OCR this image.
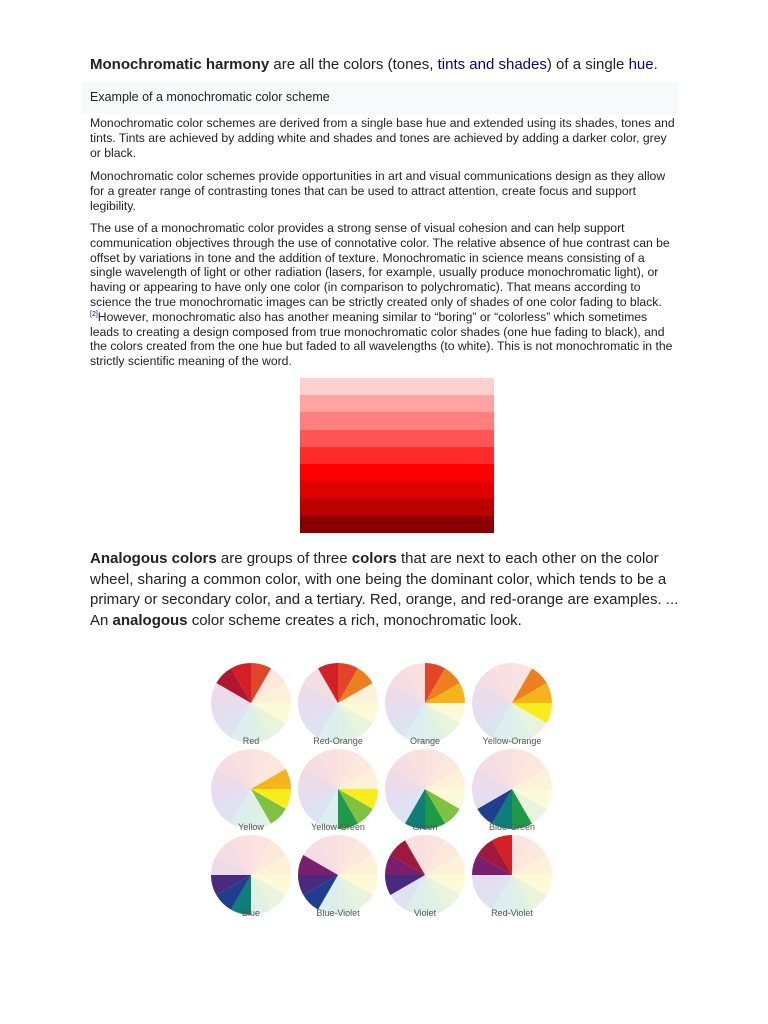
Monochromatic harmony are all the colors (tones, tints and shades) of a single hue.
Example of a monochromatic color scheme

Monochromatic color schemes are derived from a single base hue and extended using its shades, tones and tints. Tints are achieved by adding white and shades and tones are achieved by adding a darker color, grey or black.

Monochromatic color schemes provide opportunities in art and visual communications design as they allow for a greater range of contrasting tones that can be used to attract attention, create focus and support legibility.

The use of a monochromatic color provides a strong sense of visual cohesion and can help support communication objectives through the use of connotative color. The relative absence of hue contrast can be offset by variations in tone and the addition of texture. Monochromatic in science means consisting of a single wavelength of light or other radiation (lasers, for example, usually produce monochromatic light), or having or appearing to have only one color (in comparison to polychromatic). That means according to science the true monochromatic images can be strictly created only of shades of one color fading to black.[2]However, monochromatic also has another meaning similar to “boring” or “colorless” which sometimes leads to creating a design composed from true monochromatic color shades (one hue fading to black), and the colors created from the one hue but faded to all wavelengths (to white). This is not monochromatic in the strictly scientific meaning of the word.

Analogous colors are groups of three colors that are next to each other on the color wheel, sharing a common color, with one being the dominant color, which tends to be a primary or secondary color, and a tertiary. Red, orange, and red-orange are examples. ... An analogous color scheme creates a rich, monochromatic look.

Red	Red-Orange	Orange	Yellow-Orange
Yellow	Yellow-Green	Green	Blue-Green
Blue	Blue-Violet	Violet	Red-Violet
